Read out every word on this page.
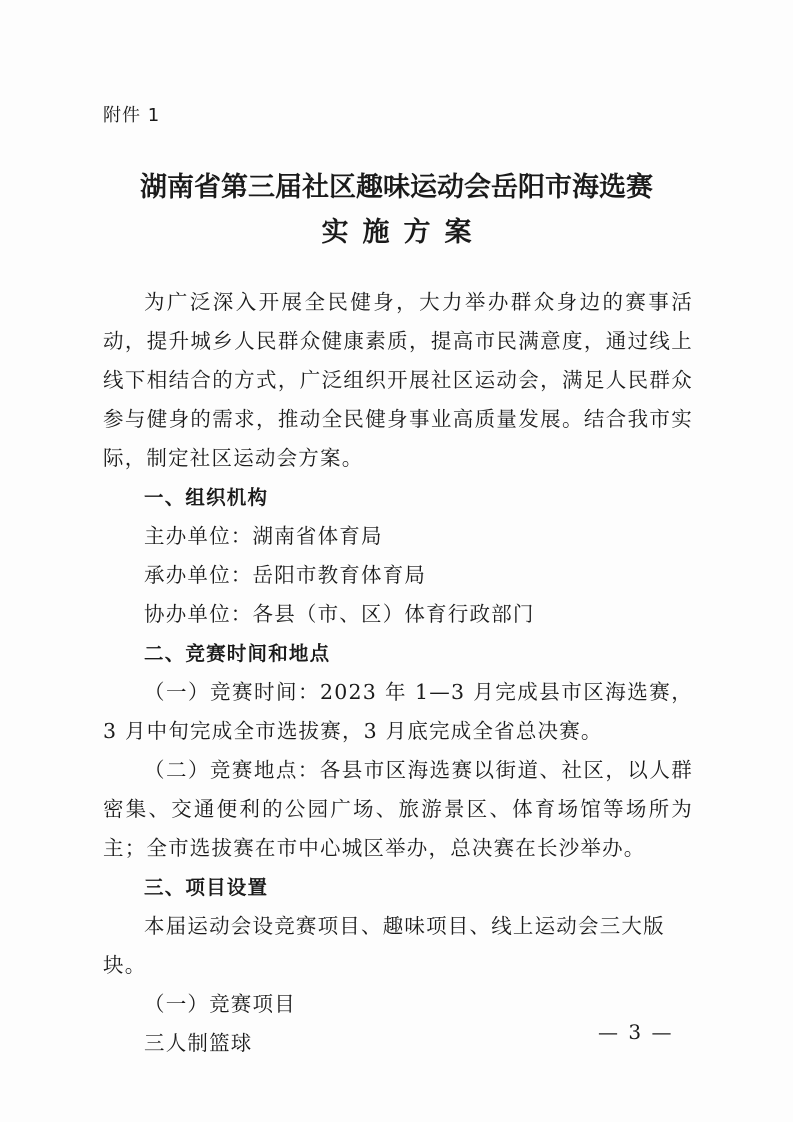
附件 1
湖南省第三届社区趣味运动会岳阳市海选赛
实施方案

为广泛深入开展全民健身，大力举办群众身边的赛事活动，提升城乡人民群众健康素质，提高市民满意度，通过线上线下相结合的方式，广泛组织开展社区运动会，满足人民群众参与健身的需求，推动全民健身事业高质量发展。结合我市实际，制定社区运动会方案。

一、组织机构

主办单位：湖南省体育局

承办单位：岳阳市教育体育局

协办单位：各县（市、区）体育行政部门

二、竞赛时间和地点

（一）竞赛时间：2023 年 1—3 月完成县市区海选赛，3 月中旬完成全市选拔赛，3 月底完成全省总决赛。

（二）竞赛地点：各县市区海选赛以街道、社区，以人群密集、交通便利的公园广场、旅游景区、体育场馆等场所为主；全市选拔赛在市中心城区举办，总决赛在长沙举办。

三、项目设置

本届运动会设竞赛项目、趣味项目、线上运动会三大版块。

（一）竞赛项目

三人制篮球	— 3 —
